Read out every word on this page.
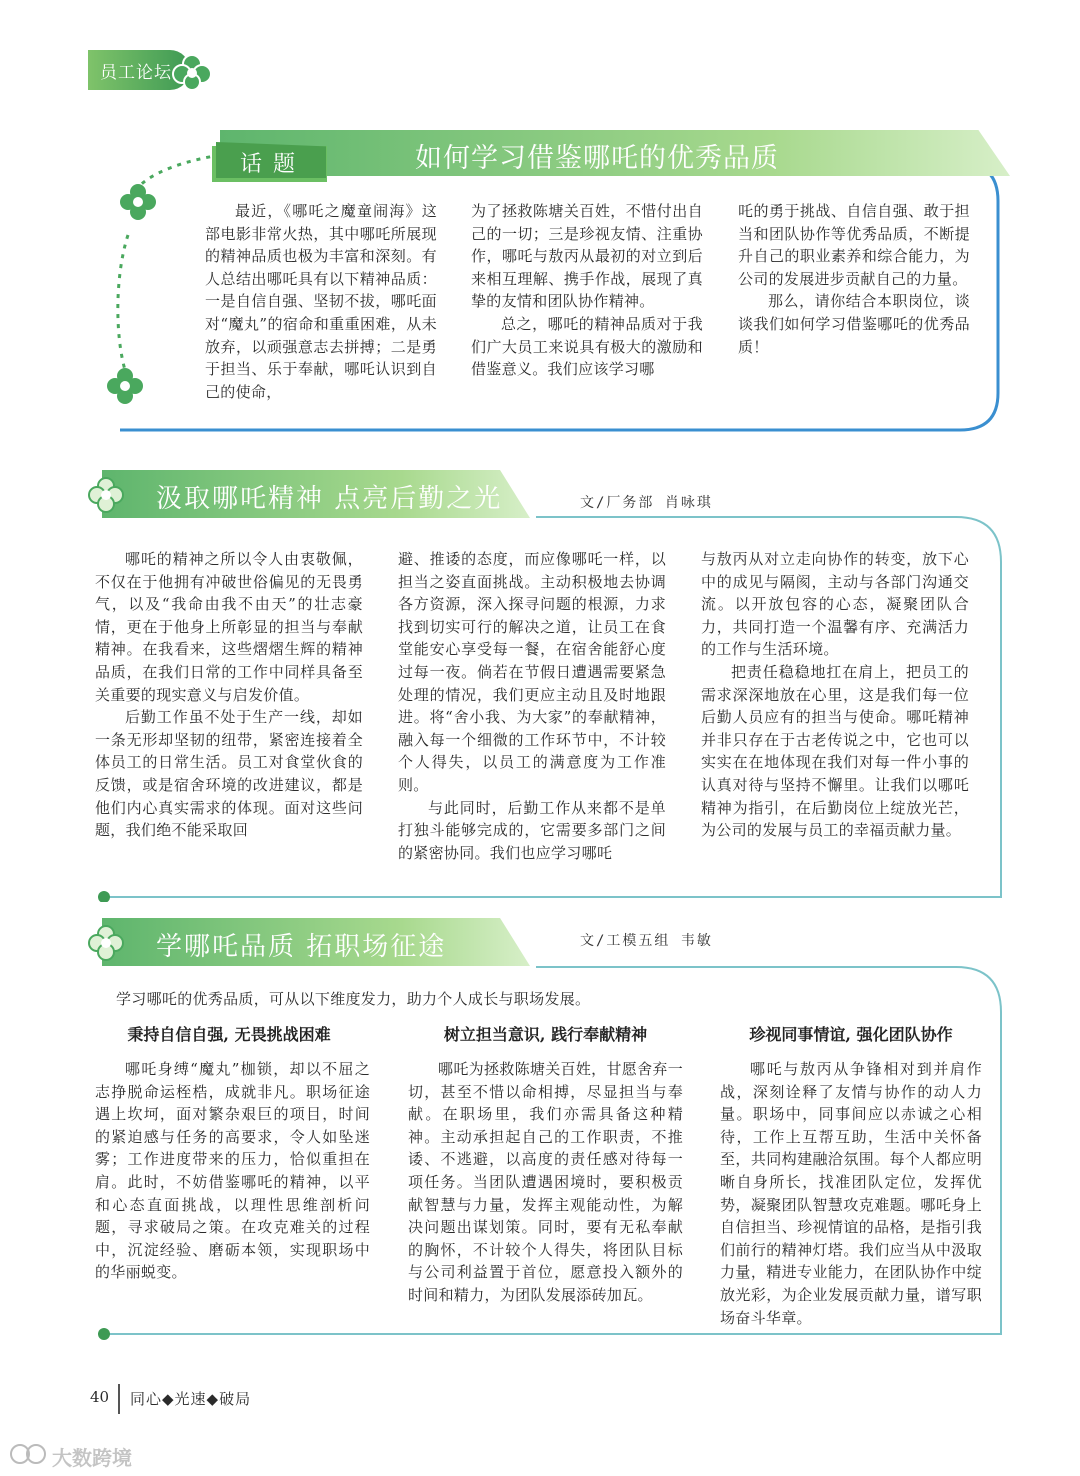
员工论坛
话 题	如何学习借鉴哪吒的优秀品质

最近，《哪吒之魔童闹海》这部电影非常火热，其中哪吒所展现的精神品质也极为丰富和深刻。有人总结出哪吒具有以下精神品质：一是自信自强、坚韧不拔，哪吒面对“魔丸”的宿命和重重困难，从未放弃，以顽强意志去拼搏；二是勇于担当、乐于奉献，哪吒认识到自己的使命，

为了拯救陈塘关百姓，不惜付出自己的一切；三是珍视友情、注重协作，哪吒与敖丙从最初的对立到后来相互理解、携手作战，展现了真挚的友情和团队协作精神。

总之，哪吒的精神品质对于我们广大员工来说具有极大的激励和借鉴意义。我们应该学习哪

吒的勇于挑战、自信自强、敢于担当和团队协作等优秀品质，不断提升自己的职业素养和综合能力，为公司的发展进步贡献自己的力量。

那么，请你结合本职岗位，谈谈我们如何学习借鉴哪吒的优秀品质！

汲取哪吒精神 点亮后勤之光	文/厂务部 肖咏琪

哪吒的精神之所以令人由衷敬佩，不仅在于他拥有冲破世俗偏见的无畏勇气，以及“我命由我不由天”的壮志豪情，更在于他身上所彰显的担当与奉献精神。在我看来，这些熠熠生辉的精神品质，在我们日常的工作中同样具备至关重要的现实意义与启发价值。

后勤工作虽不处于生产一线，却如一条无形却坚韧的纽带，紧密连接着全体员工的日常生活。员工对食堂伙食的反馈，或是宿舍环境的改进建议，都是他们内心真实需求的体现。面对这些问题，我们绝不能采取回

避、推诿的态度，而应像哪吒一样，以担当之姿直面挑战。主动积极地去协调各方资源，深入探寻问题的根源，力求找到切实可行的解决之道，让员工在食堂能安心享受每一餐，在宿舍能舒心度过每一夜。倘若在节假日遭遇需要紧急处理的情况，我们更应主动且及时地跟进。将“舍小我、为大家”的奉献精神，融入每一个细微的工作环节中，不计较个人得失，以员工的满意度为工作准则。

与此同时，后勤工作从来都不是单打独斗能够完成的，它需要多部门之间的紧密协同。我们也应学习哪吒

与敖丙从对立走向协作的转变，放下心中的成见与隔阂，主动与各部门沟通交流。以开放包容的心态，凝聚团队合力，共同打造一个温馨有序、充满活力的工作与生活环境。

把责任稳稳地扛在肩上，把员工的需求深深地放在心里，这是我们每一位后勤人员应有的担当与使命。哪吒精神并非只存在于古老传说之中，它也可以实实在在地体现在我们对每一件小事的认真对待与坚持不懈里。让我们以哪吒精神为指引，在后勤岗位上绽放光芒，为公司的发展与员工的幸福贡献力量。

学哪吒品质 拓职场征途	文/工模五组 韦敏
学习哪吒的优秀品质，可从以下维度发力，助力个人成长与职场发展。
秉持自信自强, 无畏挑战困难	树立担当意识, 践行奉献精神	珍视同事情谊, 强化团队协作

哪吒身缚“魔丸”枷锁，却以不屈之志挣脱命运桎梏，成就非凡。职场征途遇上坎坷，面对繁杂艰巨的项目，时间的紧迫感与任务的高要求，令人如坠迷雾；工作进度带来的压力，恰似重担在肩。此时，不妨借鉴哪吒的精神，以平和心态直面挑战，以理性思维剖析问题，寻求破局之策。在攻克难关的过程中，沉淀经验、磨砺本领，实现职场中的华丽蜕变。

哪吒为拯救陈塘关百姓，甘愿舍弃一切，甚至不惜以命相搏，尽显担当与奉献。在职场里，我们亦需具备这种精神。主动承担起自己的工作职责，不推诿、不逃避，以高度的责任感对待每一项任务。当团队遭遇困境时，要积极贡献智慧与力量，发挥主观能动性，为解决问题出谋划策。同时，要有无私奉献的胸怀，不计较个人得失，将团队目标与公司利益置于首位，愿意投入额外的时间和精力，为团队发展添砖加瓦。

哪吒与敖丙从争锋相对到并肩作战，深刻诠释了友情与协作的动人力量。职场中，同事间应以赤诚之心相待，工作上互帮互助，生活中关怀备至，共同构建融洽氛围。每个人都应明晰自身所长，找准团队定位，发挥优势，凝聚团队智慧攻克难题。哪吒身上自信担当、珍视情谊的品格，是指引我们前行的精神灯塔。我们应当从中汲取力量，精进专业能力，在团队协作中绽放光彩，为企业发展贡献力量，谱写职场奋斗华章。

40 同心◆光速◆破局
大数跨境
